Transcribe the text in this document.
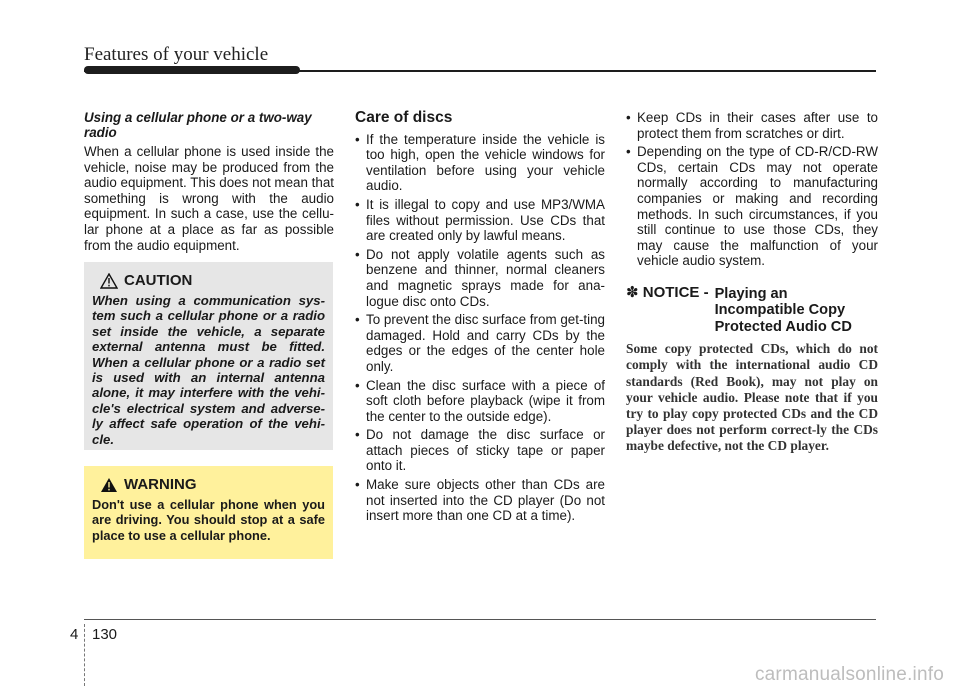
Features of your vehicle
Using a cellular phone or a two-way radio

When a cellular phone is used inside the vehicle, noise may be produced from the audio equipment. This does not mean that something is wrong with the audio equipment. In such a case, use the cellu-lar phone at a place as far as possible from the audio equipment.

CAUTION
When using a communication sys-tem such a cellular phone or a radio set inside the vehicle, a separate external antenna must be fitted. When a cellular phone or a radio set is used with an internal antenna alone, it may interfere with the vehi-cle's electrical system and adverse-ly affect safe operation of the vehi-cle.
WARNING
Don't use a cellular phone when you are driving. You should stop at a safe place to use a cellular phone.
Care of discs
• If the temperature inside the vehicle is too high, open the vehicle windows for ventilation before using your vehicle audio.
• It is illegal to copy and use MP3/WMA files without permission. Use CDs that are created only by lawful means.
• Do not apply volatile agents such as benzene and thinner, normal cleaners and magnetic sprays made for ana-logue disc onto CDs.
• To prevent the disc surface from get-ting damaged. Hold and carry CDs by the edges or the edges of the center hole only.
• Clean the disc surface with a piece of soft cloth before playback (wipe it from the center to the outside edge).
• Do not damage the disc surface or attach pieces of sticky tape or paper onto it.
• Make sure objects other than CDs are not inserted into the CD player (Do not insert more than one CD at a time).
• Keep CDs in their cases after use to protect them from scratches or dirt.
• Depending on the type of CD-R/CD-RW CDs, certain CDs may not operate normally according to manufacturing companies or making and recording methods. In such circumstances, if you still continue to use those CDs, they may cause the malfunction of your vehicle audio system.
✽ NOTICE - Playing an Incompatible Copy Protected Audio CD
Some copy protected CDs, which do not comply with the international audio CD standards (Red Book), may not play on your vehicle audio. Please note that if you try to play copy protected CDs and the CD player does not perform correct-ly the CDs maybe defective, not the CD player.
4 130
carmanualsonline.info
